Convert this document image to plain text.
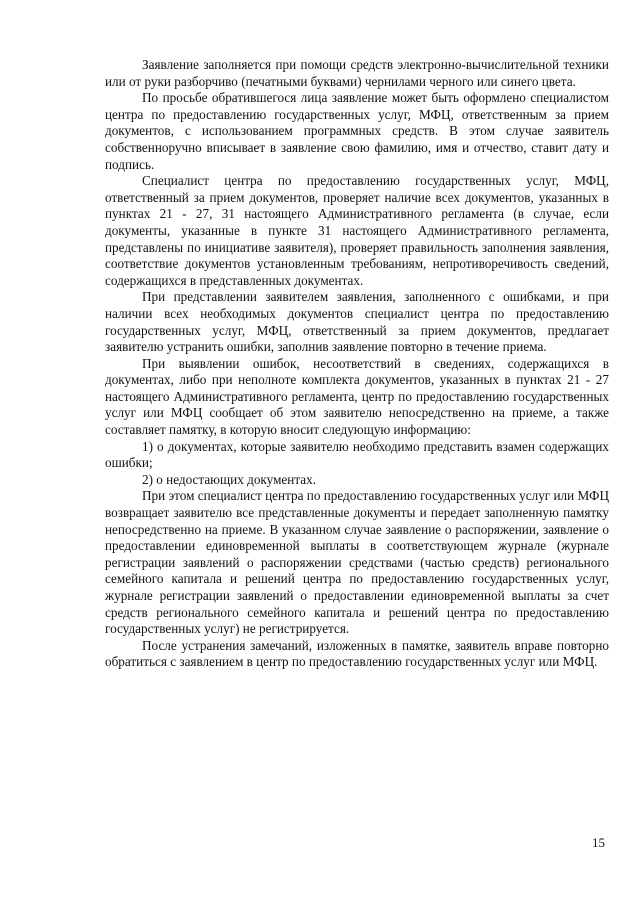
Заявление заполняется при помощи средств электронно-вычислительной техники или от руки разборчиво (печатными буквами) чернилами черного или синего цвета.

По просьбе обратившегося лица заявление может быть оформлено специалистом центра по предоставлению государственных услуг, МФЦ, ответственным за прием документов, с использованием программных средств. В этом случае заявитель собственноручно вписывает в заявление свою фамилию, имя и отчество, ставит дату и подпись.

Специалист центра по предоставлению государственных услуг, МФЦ, ответственный за прием документов, проверяет наличие всех документов, указанных в пунктах 21 - 27, 31 настоящего Административного регламента (в случае, если документы, указанные в пункте 31 настоящего Административного регламента, представлены по инициативе заявителя), проверяет правильность заполнения заявления, соответствие документов установленным требованиям, непротиворечивость сведений, содержащихся в представленных документах.

При представлении заявителем заявления, заполненного с ошибками, и при наличии всех необходимых документов специалист центра по предоставлению государственных услуг, МФЦ, ответственный за прием документов, предлагает заявителю устранить ошибки, заполнив заявление повторно в течение приема.

При выявлении ошибок, несоответствий в сведениях, содержащихся в документах, либо при неполноте комплекта документов, указанных в пунктах 21 - 27 настоящего Административного регламента, центр по предоставлению государственных услуг или МФЦ сообщает об этом заявителю непосредственно на приеме, а также составляет памятку, в которую вносит следующую информацию:

1) о документах, которые заявителю необходимо представить взамен содержащих ошибки;

2) о недостающих документах.

При этом специалист центра по предоставлению государственных услуг или МФЦ возвращает заявителю все представленные документы и передает заполненную памятку непосредственно на приеме. В указанном случае заявление о распоряжении, заявление о предоставлении единовременной выплаты в соответствующем журнале (журнале регистрации заявлений о распоряжении средствами (частью средств) регионального семейного капитала и решений центра по предоставлению государственных услуг, журнале регистрации заявлений о предоставлении единовременной выплаты за счет средств регионального семейного капитала и решений центра по предоставлению государственных услуг) не регистрируется.

После устранения замечаний, изложенных в памятке, заявитель вправе повторно обратиться с заявлением в центр по предоставлению государственных услуг или МФЦ.

15
